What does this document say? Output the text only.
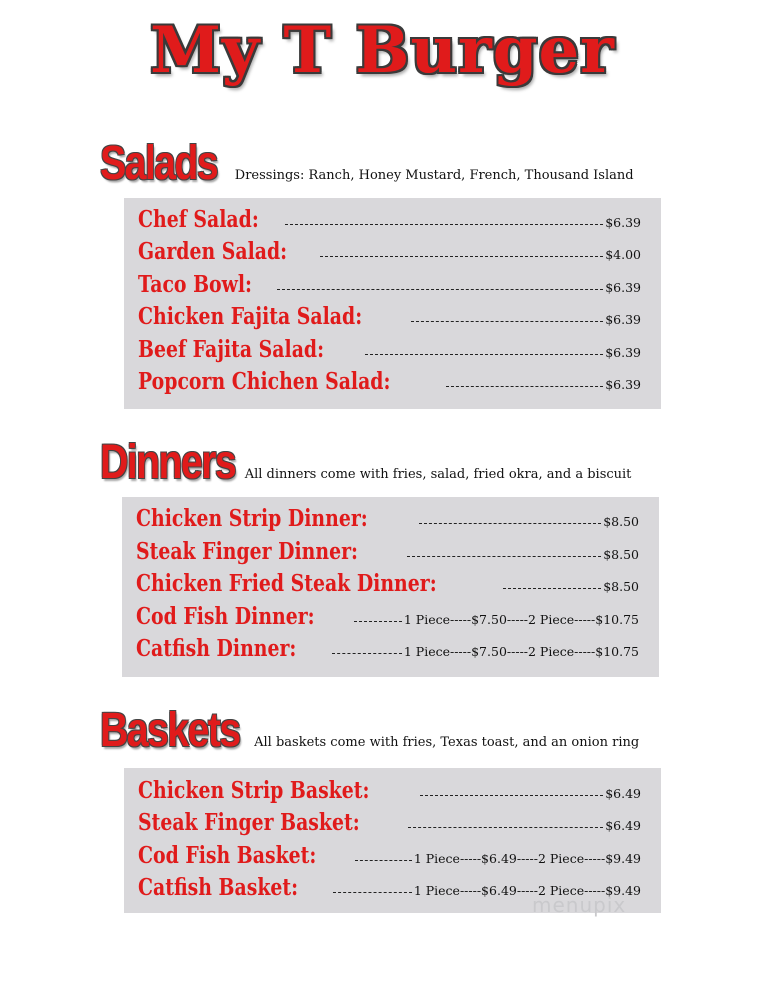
My T Burger
Salads Dressings: Ranch, Honey Mustard, French, Thousand Island
Chef Salad:	$6.39
Garden Salad:	$4.00
Taco Bowl:	$6.39
Chicken Fajita Salad:	$6.39
Beef Fajita Salad:	$6.39
Popcorn Chichen Salad:	$6.39
Dinners All dinners come with fries, salad, fried okra, and a biscuit
Chicken Strip Dinner:	$8.50
Steak Finger Dinner:	$8.50
Chicken Fried Steak Dinner:	$8.50
Cod Fish Dinner:	1 Piece-----$7.50-----2 Piece-----$10.75
Catfish Dinner:	1 Piece-----$7.50-----2 Piece-----$10.75
Baskets All baskets come with fries, Texas toast, and an onion ring
Chicken Strip Basket:	$6.49
Steak Finger Basket:	$6.49
Cod Fish Basket:	1 Piece-----$6.49-----2 Piece-----$9.49
Catfish Basket:	1 Piece-----$6.49-----2 Piece-----$9.49
menupix
